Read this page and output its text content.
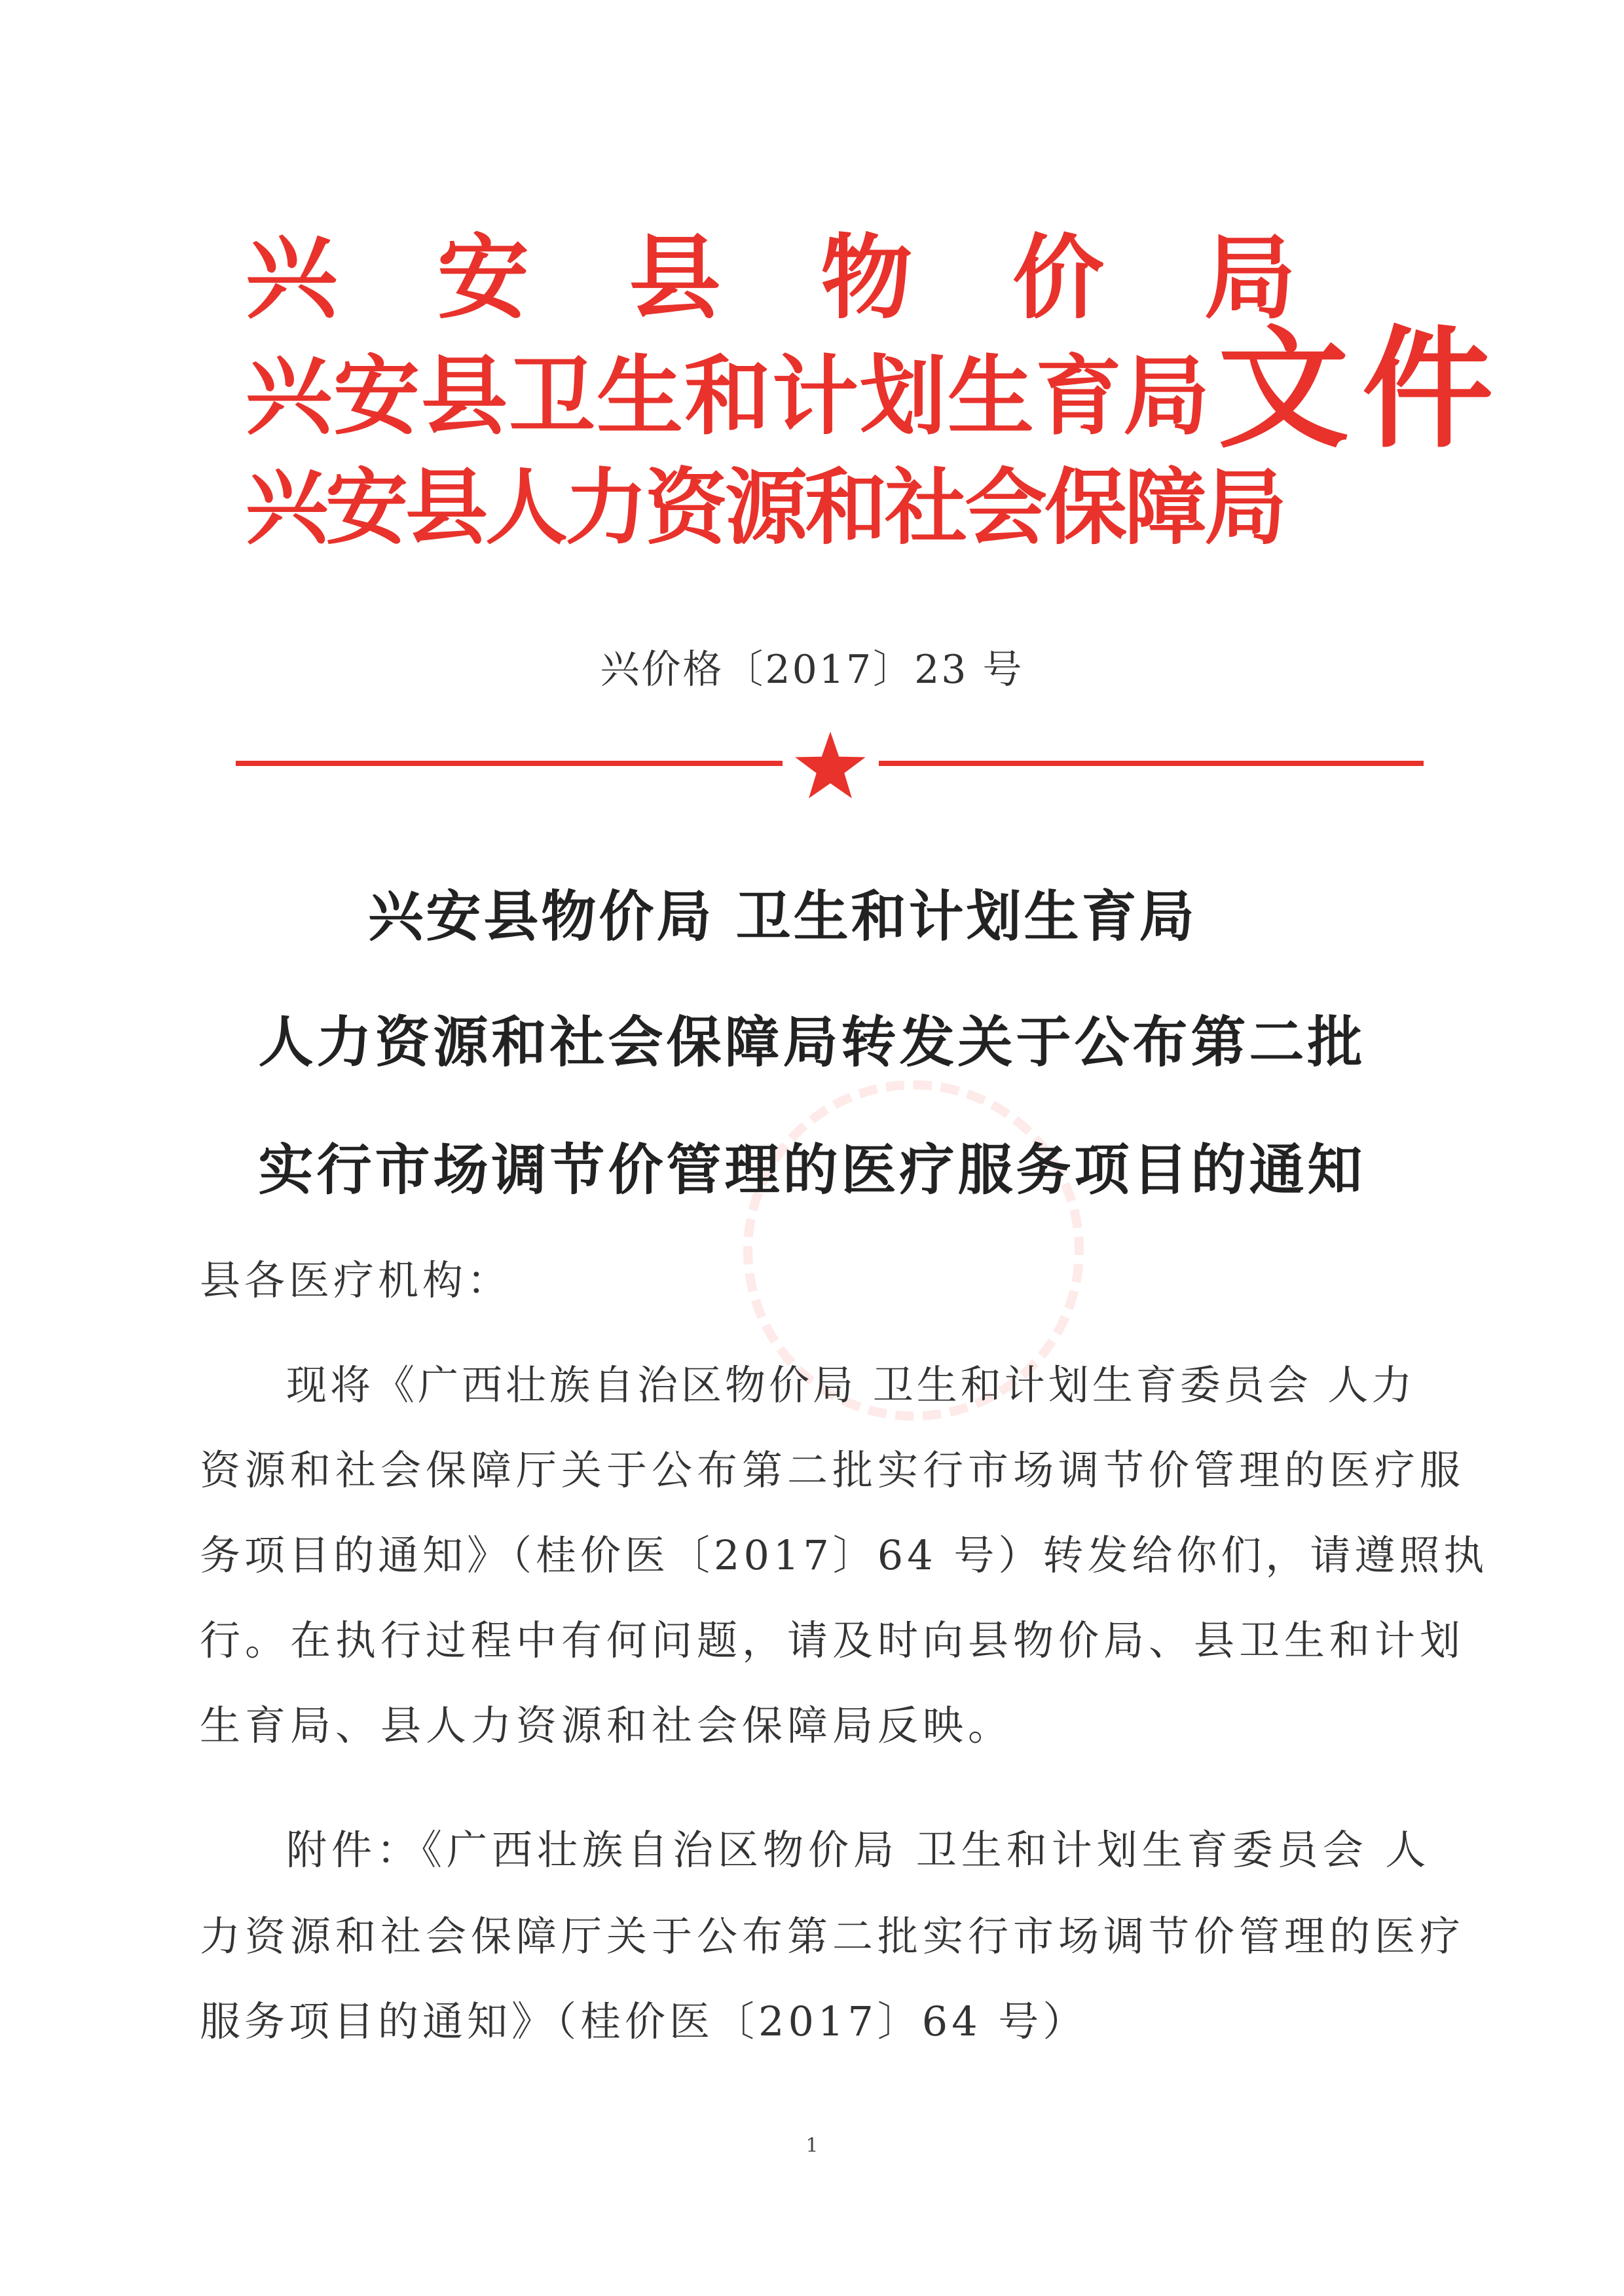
兴 安 县 物 价 局
兴安县卫生和计划生育局
兴安县人力资源和社会保障局
文件
兴价格〔2017〕23 号
兴安县物价局 卫生和计划生育局
人力资源和社会保障局转发关于公布第二批
实行市场调节价管理的医疗服务项目的通知
县各医疗机构：
现将《广西壮族自治区物价局 卫生和计划生育委员会 人力
资源和社会保障厅关于公布第二批实行市场调节价管理的医疗服
务项目的通知》（桂价医〔2017〕64 号）转发给你们，请遵照执
行。在执行过程中有何问题，请及时向县物价局、县卫生和计划
生育局、县人力资源和社会保障局反映。
附件：《广西壮族自治区物价局 卫生和计划生育委员会 人
力资源和社会保障厅关于公布第二批实行市场调节价管理的医疗
服务项目的通知》（桂价医〔2017〕64 号）
1
